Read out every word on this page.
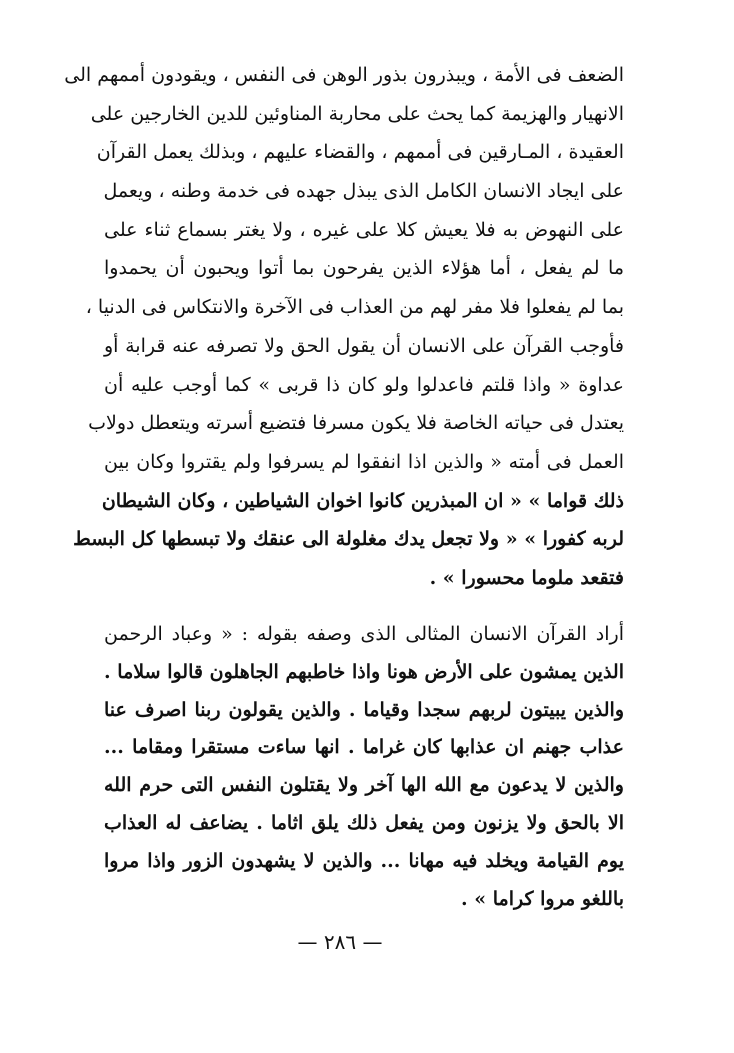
الضعف فى الأمة ، ويبذرون بذور الوهن فى النفس ، ويقودون أممهم الى
الانهيار والهزيمة كما يحث على محاربة المناوئين للدين الخارجين على
العقيدة ، المـارقين فى أممهم ، والقضاء عليهم ، وبذلك يعمل القرآن
على ايجاد الانسان الكامل الذى يبذل جهده فى خدمة وطنه ، ويعمل
على النهوض به فلا يعيش كلا على غيره ، ولا يغتر بسماع ثناء على
ما لم يفعل ، أما هؤلاء الذين يفرحون بما أتوا ويحبون أن يحمدوا
بما لم يفعلوا فلا مفر لهم من العذاب فى الآخرة والانتكاس فى الدنيا ،
فأوجب القرآن على الانسان أن يقول الحق ولا تصرفه عنه قرابة أو
عداوة « واذا قلتم فاعدلوا ولو كان ذا قربى » كما أوجب عليه أن
يعتدل فى حياته الخاصة فلا يكون مسرفا فتضيع أسرته ويتعطل دولاب
العمل فى أمته « والذين اذا انفقوا لم يسرفوا ولم يقتروا وكان بين
ذلك قواما » « ان المبذرين كانوا اخوان الشياطين ، وكان الشيطان
لربه كفورا » « ولا تجعل يدك مغلولة الى عنقك ولا تبسطها كل البسط
فتقعد ملوما محسورا » .
أراد القرآن الانسان المثالى الذى وصفه بقوله : « وعباد الرحمن
الذين يمشون على الأرض هونا واذا خاطبهم الجاهلون قالوا سلاما .
والذين يبيتون لربهم سجدا وقياما . والذين يقولون ربنا اصرف عنا
عذاب جهنم ان عذابها كان غراما . انها ساءت مستقرا ومقاما ...
والذين لا يدعون مع الله الها آخر ولا يقتلون النفس التى حرم الله
الا بالحق ولا يزنون ومن يفعل ذلك يلق اثاما . يضاعف له العذاب
يوم القيامة ويخلد فيه مهانا ... والذين لا يشهدون الزور واذا مروا
باللغو مروا كراما » .
— ٢٨٦ —
